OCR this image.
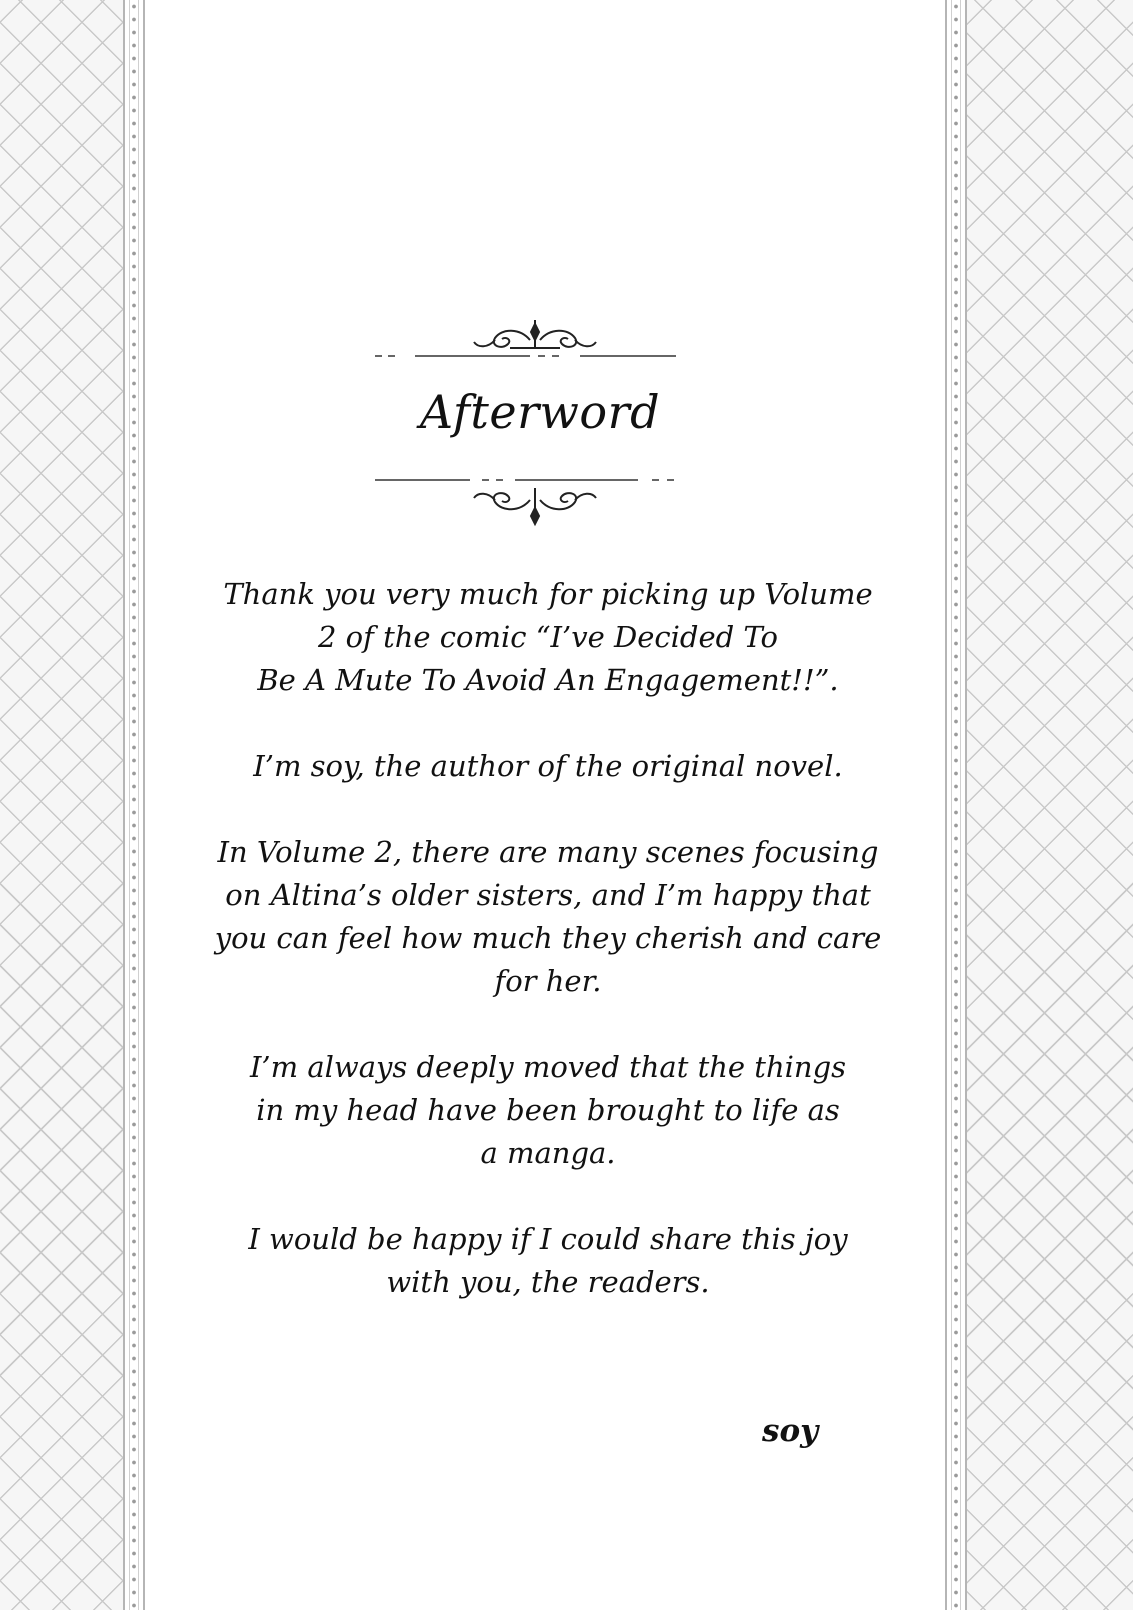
Afterword

Thank you very much for picking up Volume

2 of the comic “I’ve Decided To

Be A Mute To Avoid An Engagement!!”.

I’m soy, the author of the original novel.

In Volume 2, there are many scenes focusing

on Altina’s older sisters, and I’m happy that

you can feel how much they cherish and care

for her.

I’m always deeply moved that the things

in my head have been brought to life as

a manga.

I would be happy if I could share this joy

with you, the readers.

soy
